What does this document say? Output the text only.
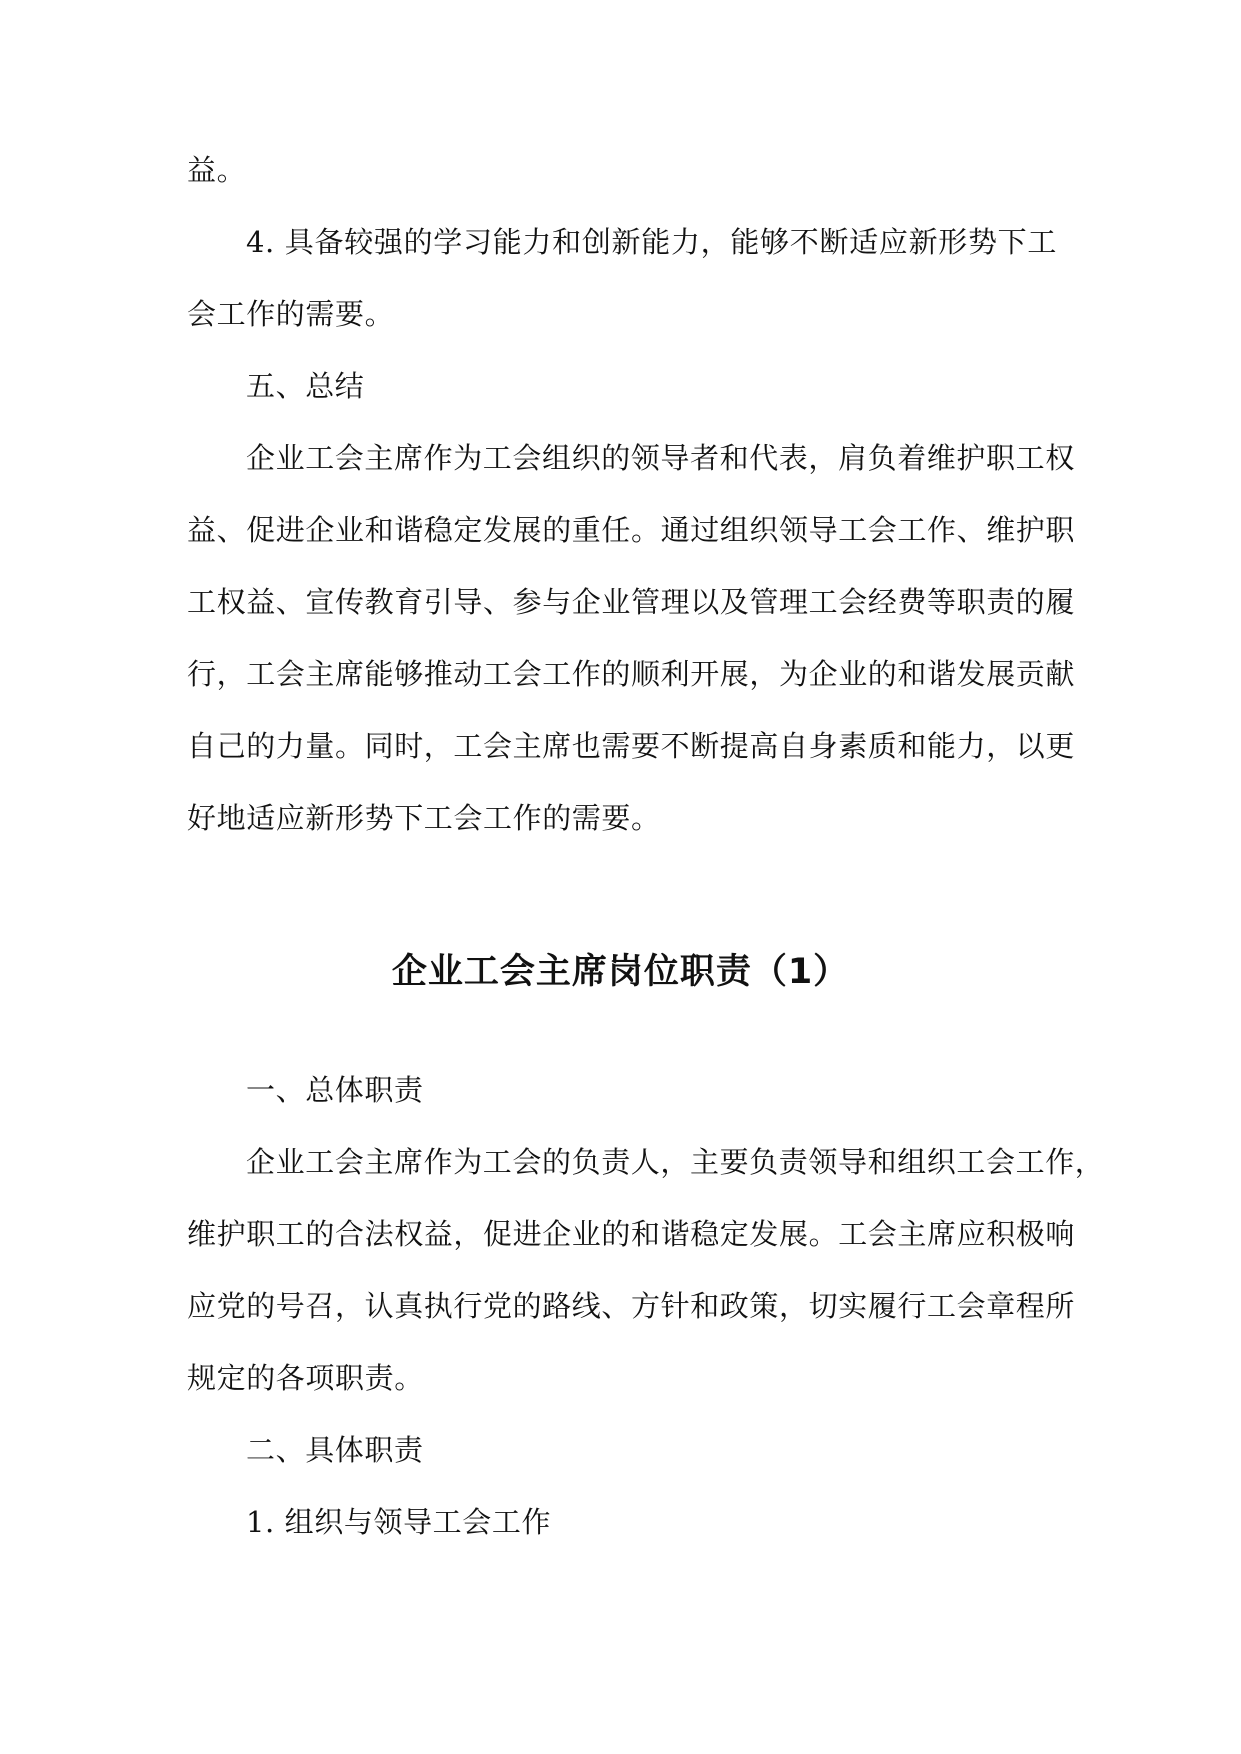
益。
4. 具备较强的学习能力和创新能力，能够不断适应新形势下工
会工作的需要。
五、总结
企业工会主席作为工会组织的领导者和代表，肩负着维护职工权
益、促进企业和谐稳定发展的重任。通过组织领导工会工作、维护职
工权益、宣传教育引导、参与企业管理以及管理工会经费等职责的履
行，工会主席能够推动工会工作的顺利开展，为企业的和谐发展贡献
自己的力量。同时，工会主席也需要不断提高自身素质和能力，以更
好地适应新形势下工会工作的需要。
企业工会主席岗位职责（1）
一、总体职责
企业工会主席作为工会的负责人，主要负责领导和组织工会工作，
维护职工的合法权益，促进企业的和谐稳定发展。工会主席应积极响
应党的号召，认真执行党的路线、方针和政策，切实履行工会章程所
规定的各项职责。
二、具体职责
1. 组织与领导工会工作
